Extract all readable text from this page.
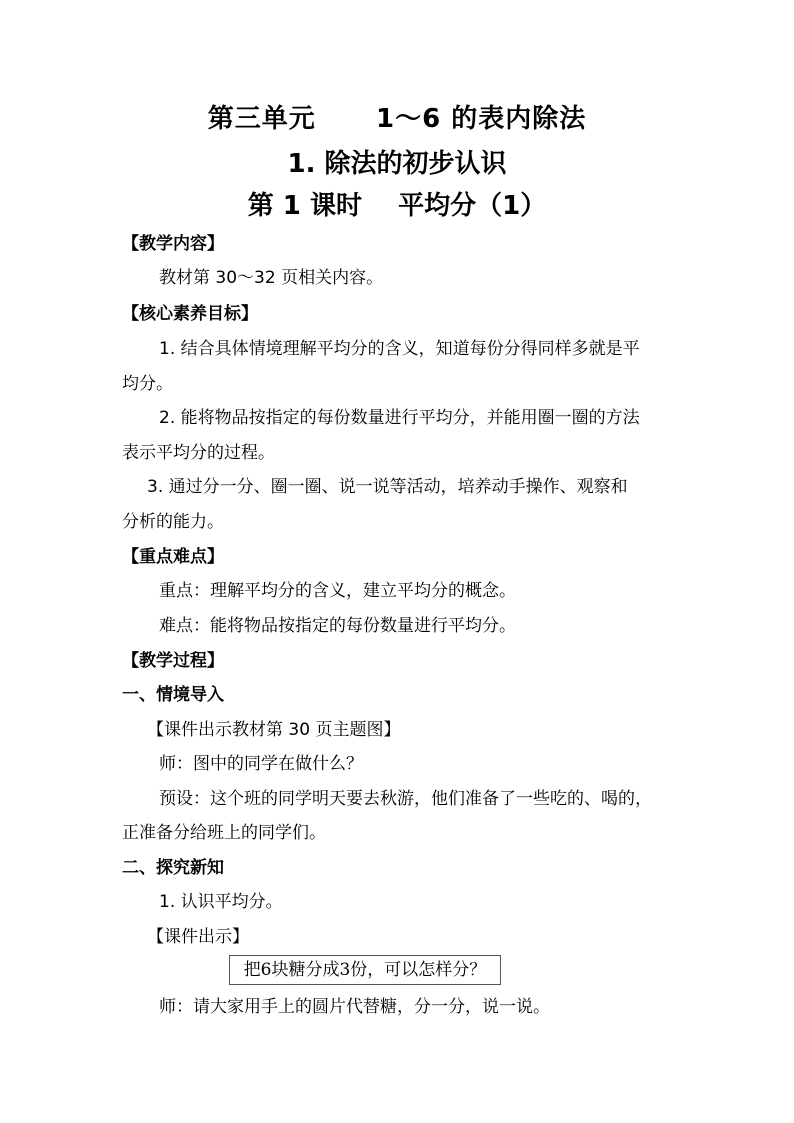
第三单元      1～6 的表内除法
1. 除法的初步认识
第 1 课时    平均分（1）
【教学内容】
教材第 30～32 页相关内容。
【核心素养目标】
1. 结合具体情境理解平均分的含义，知道每份分得同样多就是平
均分。
2. 能将物品按指定的每份数量进行平均分，并能用圈一圈的方法
表示平均分的过程。
3. 通过分一分、圈一圈、说一说等活动，培养动手操作、观察和
分析的能力。
【重点难点】
重点：理解平均分的含义，建立平均分的概念。
难点：能将物品按指定的每份数量进行平均分。
【教学过程】
一、情境导入
【课件出示教材第 30 页主题图】
师：图中的同学在做什么？
预设：这个班的同学明天要去秋游，他们准备了一些吃的、喝的，
正准备分给班上的同学们。
二、探究新知
1. 认识平均分。
【课件出示】
把6块糖分成3份，可以怎样分？
师：请大家用手上的圆片代替糖，分一分，说一说。
